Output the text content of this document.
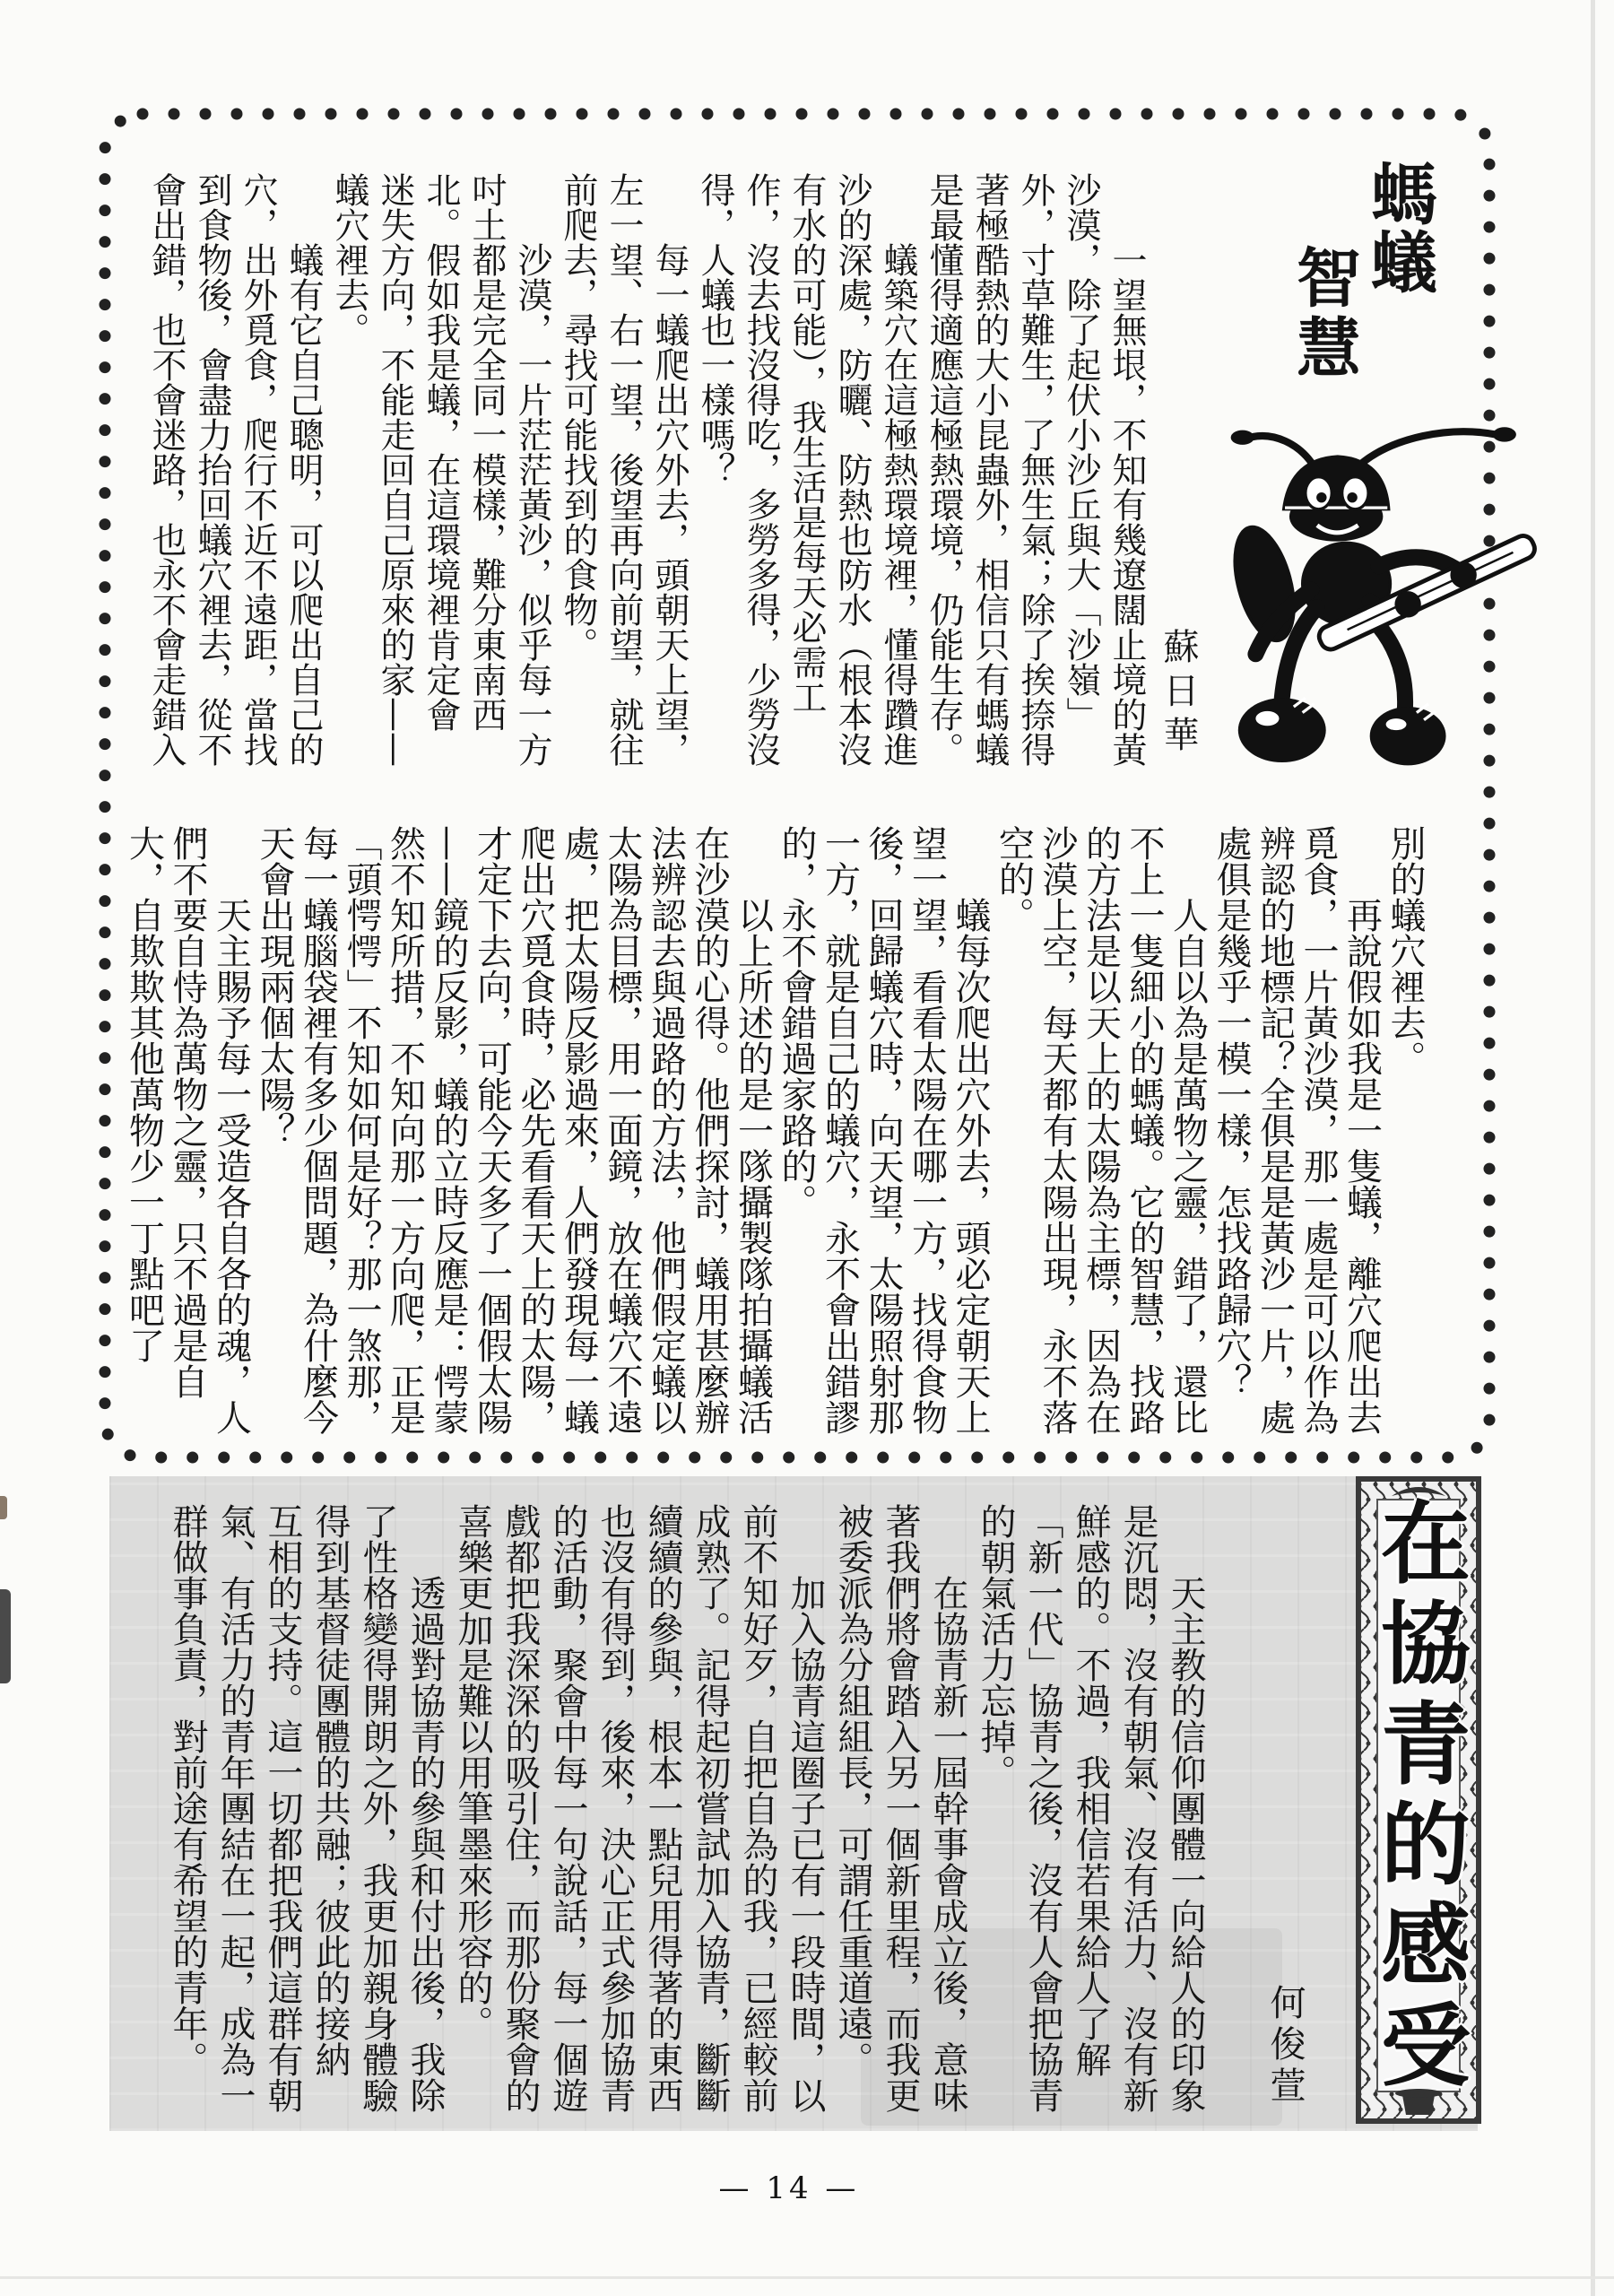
螞蟻
智慧
蘇日華
　　一望無垠，不知有幾遼闊止境的黃
沙漠，除了起伏小沙丘與大「沙嶺」
外，寸草難生，了無生氣；除了挨捺得
著極酷熱的大小昆蟲外，相信只有螞蟻
是最懂得適應這極熱環境，仍能生存。
　　蟻築穴在這極熱環境裡，懂得躦進
沙的深處，防曬、防熱也防水（根本沒
有水的可能），我生活是每天必需工
作，沒去找沒得吃，多勞多得，少勞沒
得，人蟻也一樣嗎？
　　每一蟻爬出穴外去，頭朝天上望，
左一望、右一望，後望再向前望，就往
前爬去，尋找可能找到的食物。
　　沙漠，一片茫茫黃沙，似乎每一方
吋土都是完全同一模樣，難分東南西
北。假如我是蟻，在這環境裡肯定會
迷失方向，不能走回自己原來的家——
蟻穴裡去。
　　蟻有它自己聰明，可以爬出自己的
穴，出外覓食，爬行不近不遠距，當找
到食物後，會盡力抬回蟻穴裡去，從不
會出錯，也不會迷路，也永不會走錯入
別的蟻穴裡去。
　　再說假如我是一隻蟻，離穴爬出去
覓食，一片黃沙漠，那一處是可以作為
辨認的地標記？全俱是是黃沙一片，處
處俱是幾乎一模一樣，怎找路歸穴？
　　人自以為是萬物之靈，錯了，還比
不上一隻細小的螞蟻。它的智慧，找路
的方法是以天上的太陽為主標，因為在
沙漠上空，每天都有太陽出現，永不落
空的。
　　蟻每次爬出穴外去，頭必定朝天上
望一望，看看太陽在哪一方，找得食物
後，回歸蟻穴時，向天望，太陽照射那
一方，就是自己的蟻穴，永不會出錯謬
的，永不會錯過家路的。
　　以上所述的是一隊攝製隊拍攝蟻活
在沙漠的心得。他們探討，蟻用甚麼辦
法辨認去與過路的方法，他們假定蟻以
太陽為目標，用一面鏡，放在蟻穴不遠
處，把太陽反影過來，人們發現每一蟻
爬出穴覓食時，必先看看天上的太陽，
才定下去向，可能今天多了一個假太陽
——鏡的反影，蟻的立時反應是：愕蒙
然不知所措，不知向那一方向爬，正是
「頭愕愕」不知如何是好？那一煞那，
每一蟻腦袋裡有多少個問題，為什麼今
天會出現兩個太陽？
　　天主賜予每一受造各自各的魂，人
們不要自恃為萬物之靈，只不過是自
大，自欺欺其他萬物少一丁點吧了
在協青的感受
何俊萱
　　天主教的信仰團體一向給人的印象
是沉悶，沒有朝氣、沒有活力、沒有新
鮮感的。不過，我相信若果給人了解
「新一代」協青之後，沒有人會把協青
的朝氣活力忘掉。
　　在協青新一屆幹事會成立後，意味
著我們將會踏入另一個新里程，而我更
被委派為分組組長，可謂任重道遠。
　　加入協青這圈子已有一段時間，以
前不知好歹，自把自為的我，已經較前
成熟了。記得起初嘗試加入協青，斷斷
續續的參與，根本一點兒用得著的東西
也沒有得到，後來，決心正式參加協青
的活動，聚會中每一句說話，每一個遊
戲都把我深深的吸引住，而那份聚會的
喜樂更加是難以用筆墨來形容的。
　　透過對協青的參與和付出後，我除
了性格變得開朗之外，我更加親身體驗
得到基督徒團體的共融；彼此的接納
互相的支持。這一切都把我們這群有朝
氣、有活力的青年團結在一起，成為一
群做事負責，對前途有希望的青年。
— 14 —
